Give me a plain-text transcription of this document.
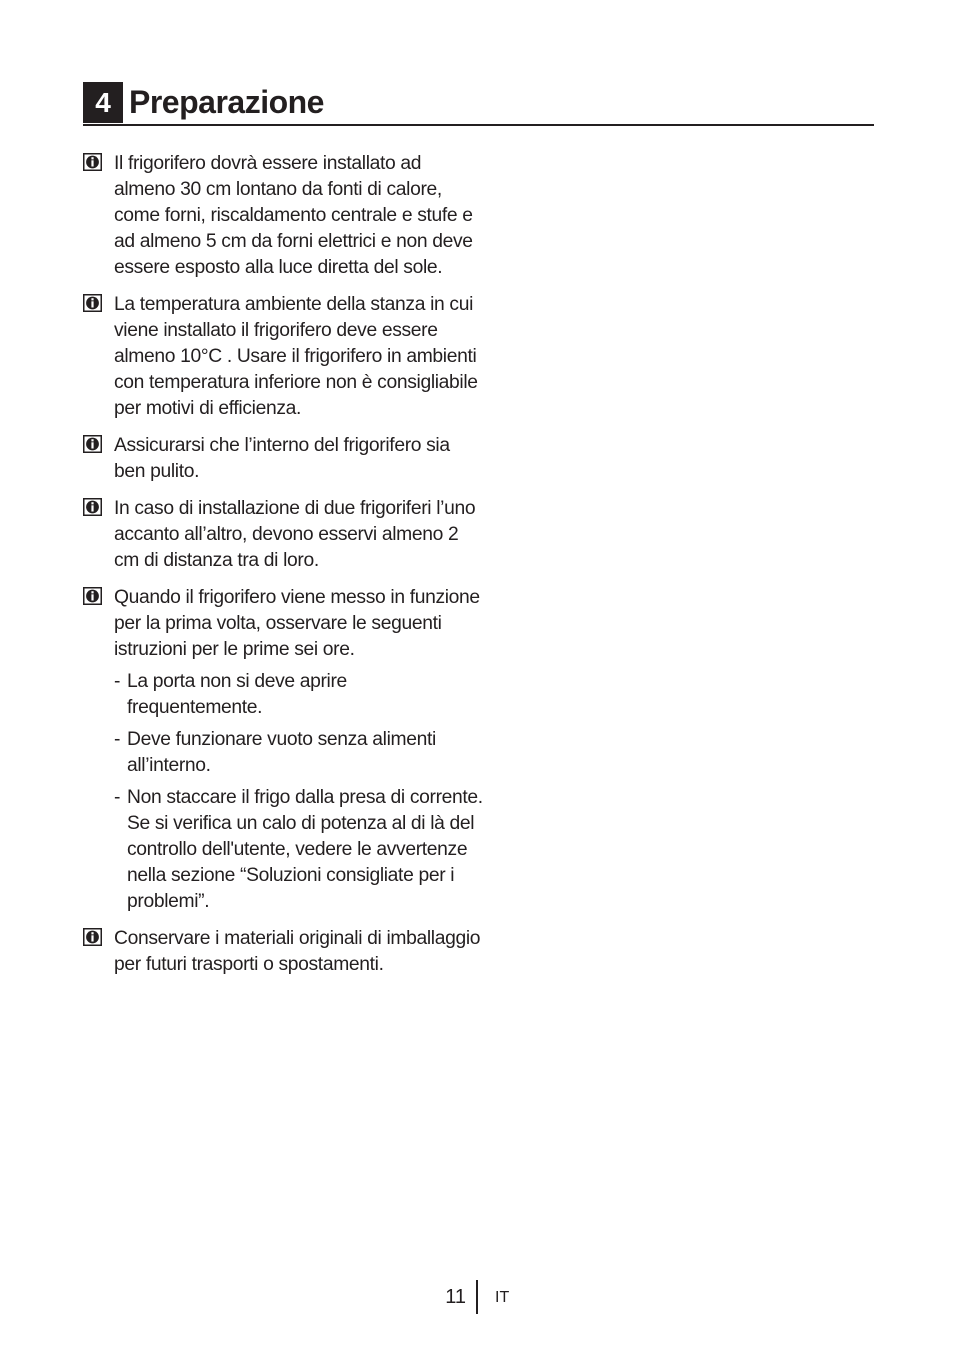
4 Preparazione

Il frigorifero dovrà essere installato ad almeno 30 cm lontano da fonti di calore, come forni, riscaldamento centrale e stufe e ad almeno 5 cm da forni elettrici e non deve essere esposto alla luce diretta del sole.

La temperatura ambiente della stanza in cui viene installato il frigorifero deve essere almeno 10°C . Usare il frigorifero in ambienti con temperatura inferiore non è consigliabile per motivi di efficienza.

Assicurarsi che l’interno del frigorifero sia ben pulito.

In caso di installazione di due frigoriferi l’uno accanto all’altro, devono esservi almeno 2 cm di distanza tra di loro.

Quando il frigorifero viene messo in funzione per la prima volta, osservare le seguenti istruzioni per le prime sei ore.

- La porta non si deve aprire frequentemente.

- Deve funzionare vuoto senza alimenti all’interno.

- Non staccare il frigo dalla presa di corrente. Se si verifica un calo di potenza al di là del controllo dell'utente, vedere le avvertenze nella sezione “Soluzioni consigliate per i problemi”.

Conservare i materiali originali di imballaggio per futuri trasporti o spostamenti.

11 IT
